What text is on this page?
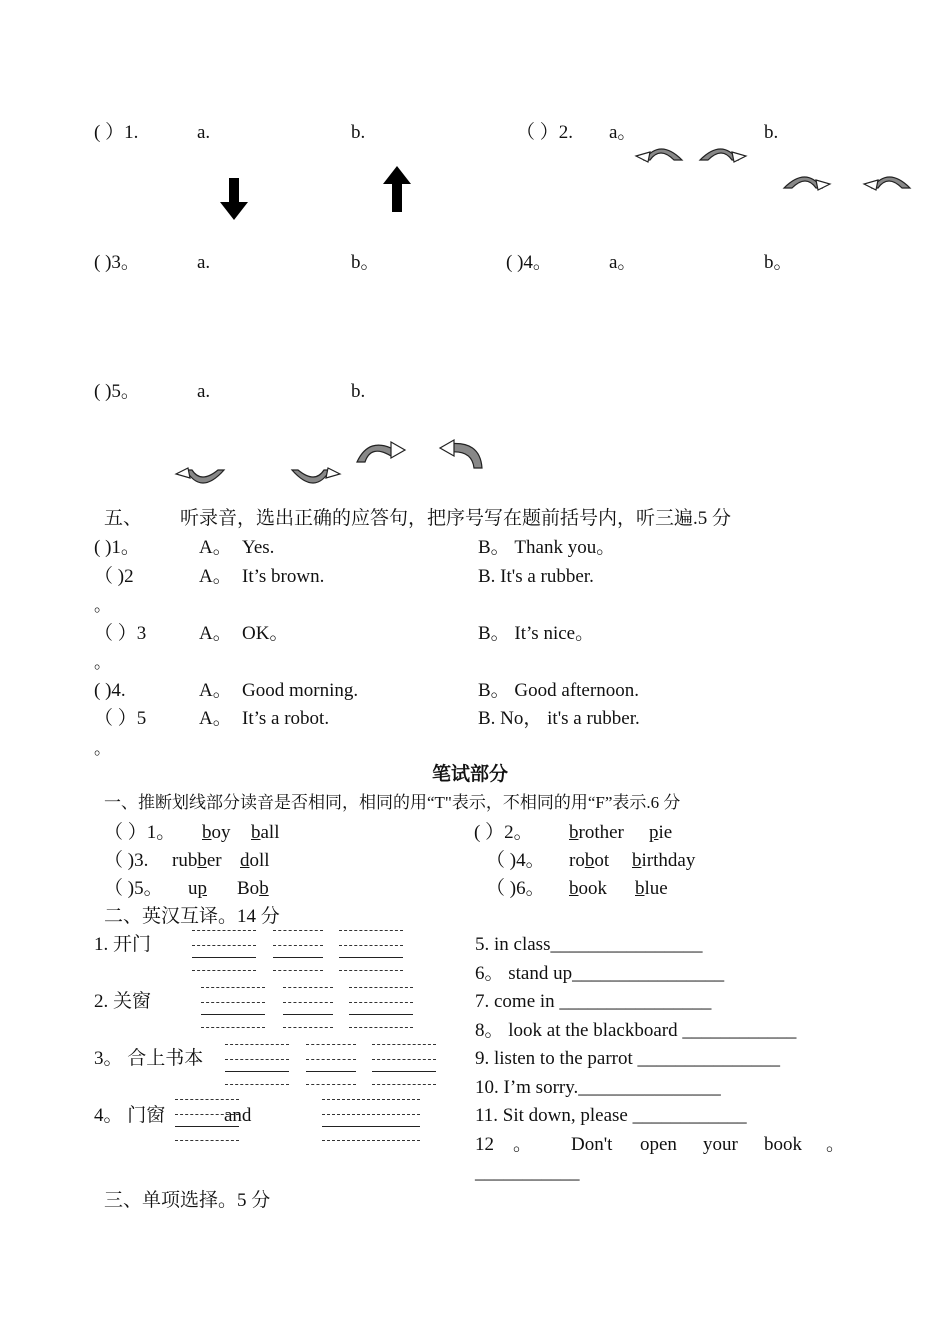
( ）1.	a.	b.	（ ）2. a。	b.
( )3。	a.	b。	( )4。	a。	b。
( )5。	a.	b.
五、 听录音，选出正确的应答句，把序号写在题前括号内，听三遍.5 分
( )1。	A。 Yes.	B。 Thank you。
（ )2	A。 It’s brown.	B. It's a rubber.
。
（ ）3	A。 OK。	B。 It’s nice。
。
( )4.	A。 Good morning.	B。 Good afternoon.
（ ）5	A。 It’s a robot.	B. No， it's a rubber.
。
笔试部分
一、推断划线部分读音是否相同，相同的用“T"表示，不相同的用“F”表示.6 分
（ ）1。 boy ball	( ）2。 brother pie
（ )3. rubber doll	（ )4。 robot birthday
（ )5。 up Bob	（ )6。 book blue
二、英汉互译。14 分
1. 开门
2. 关窗
3。 合上书本
4。 门窗	and
5. in class________________
6。 stand up________________
7. come in ________________
8。 look at the blackboard ____________
9. listen to the parrot _______________
10. I’m sorry._______________
11. Sit down, please ____________
12 。 Don't open your book 。
___________
三、单项选择。5 分
